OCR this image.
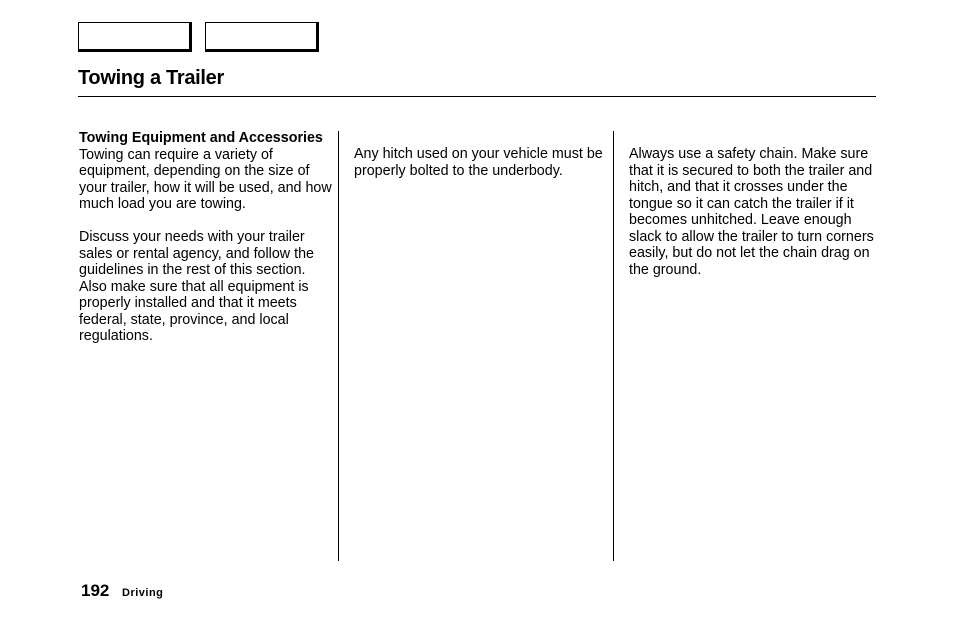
Towing a Trailer
Towing Equipment and Accessories

Towing can require a variety of equipment, depending on the size of your trailer, how it will be used, and how much load you are towing.

Discuss your needs with your trailer sales or rental agency, and follow the guidelines in the rest of this section. Also make sure that all equipment is properly installed and that it meets federal, state, province, and local regulations.

Any hitch used on your vehicle must be properly bolted to the underbody.

Always use a safety chain. Make sure that it is secured to both the trailer and hitch, and that it crosses under the tongue so it can catch the trailer if it becomes unhitched. Leave enough slack to allow the trailer to turn corners easily, but do not let the chain drag on the ground.

192 Driving
